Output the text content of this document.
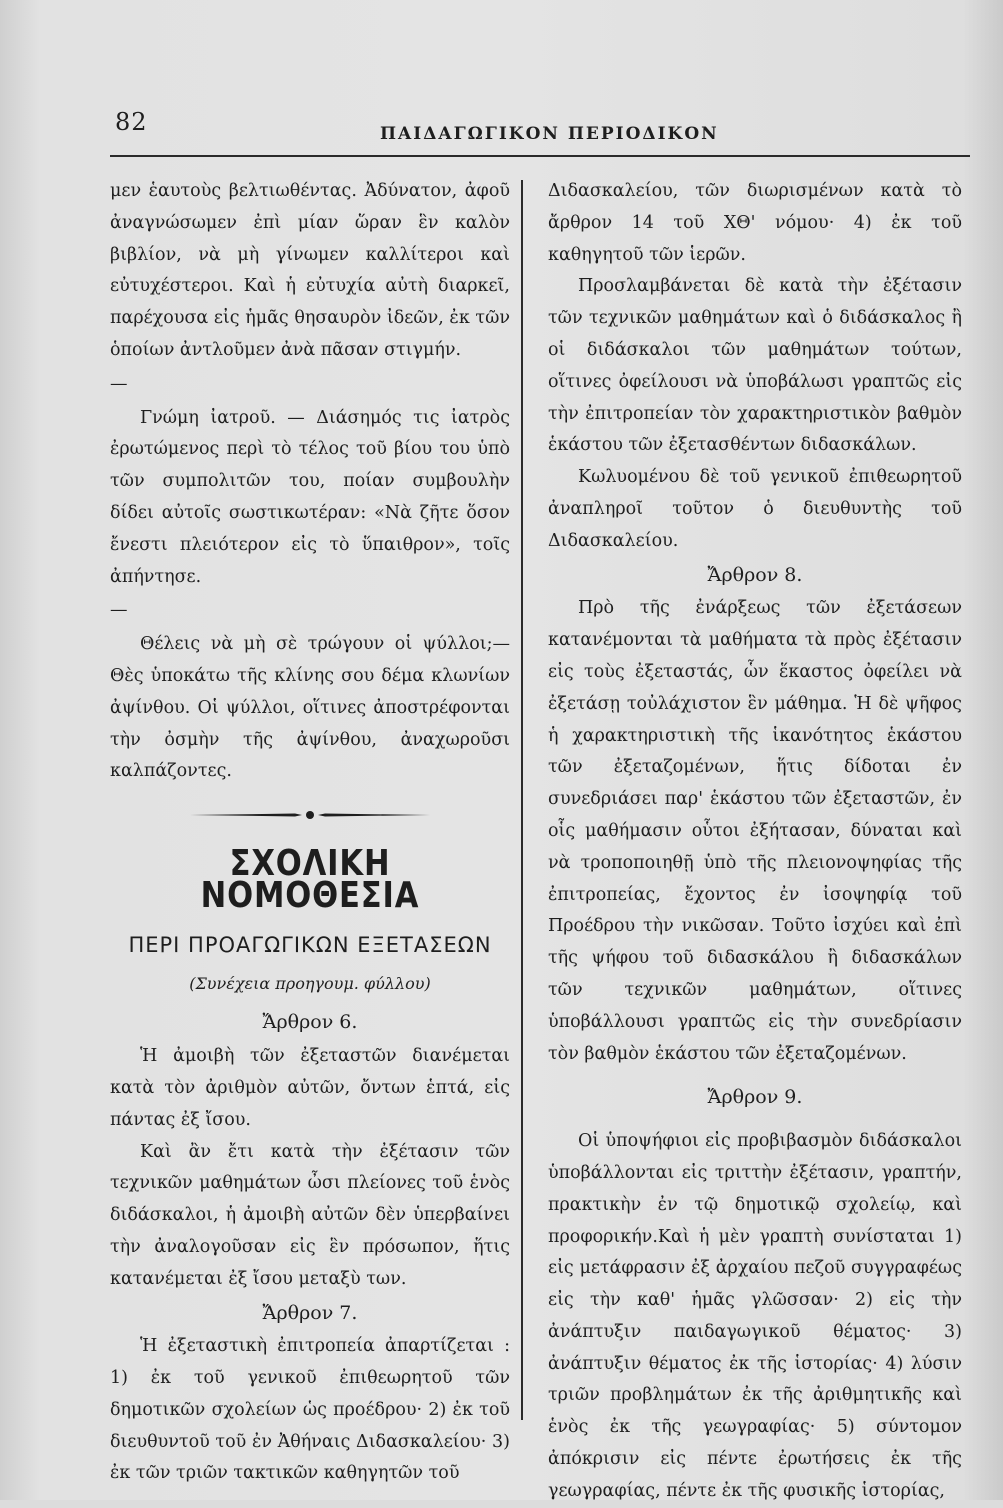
82	ΠΑΙΔΑΓΩΓΙΚΟΝ ΠΕΡΙΟΔΙΚΟΝ

μεν ἑαυτοὺς βελτιωθέντας. Ἀδύνατον, ἀφοῦ ἀναγνώσωμεν ἐπὶ μίαν ὥραν ἓν καλὸν βιβλίον, νὰ μὴ γίνωμεν καλλίτεροι καὶ εὐτυχέστεροι. Καὶ ἡ εὐτυχία αὐτὴ διαρκεῖ, παρέχουσα εἰς ἡμᾶς θησαυρὸν ἰδεῶν, ἐκ τῶν ὁποίων ἀντλοῦμεν ἀνὰ πᾶσαν στιγμήν.

—

Γνώμη ἰατροῦ. — Διάσημός τις ἰατρὸς ἐρωτώμενος περὶ τὸ τέλος τοῦ βίου του ὑπὸ τῶν συμπολιτῶν του, ποίαν συμβουλὴν δίδει αὐτοῖς σωστικωτέραν: «Νὰ ζῆτε ὅσον ἔνεστι πλειότερον εἰς τὸ ὕπαιθρον», τοῖς ἀπήντησε.

—

Θέλεις νὰ μὴ σὲ τρώγουν οἱ ψύλλοι;— Θὲς ὑποκάτω τῆς κλίνης σου δέμα κλωνίων ἀψίνθου. Οἱ ψύλλοι, οἵτινες ἀποστρέφονται τὴν ὀσμὴν τῆς ἀψίνθου, ἀναχωροῦσι καλπάζοντες.

ΣΧΟΛΙΚΗ ΝΟΜΟΘΕΣΙΑ
ΠΕΡΙ ΠΡΟΑΓΩΓΙΚΩΝ ΕΞΕΤΑΣΕΩΝ

(Συνέχεια προηγουμ. φύλλου)

Ἄρθρον 6.

Ἡ ἀμοιβὴ τῶν ἐξεταστῶν διανέμεται κατὰ τὸν ἀριθμὸν αὐτῶν, ὄντων ἑπτά, εἰς πάντας ἐξ ἴσου.

Καὶ ἂν ἔτι κατὰ τὴν ἐξέτασιν τῶν τεχνικῶν μαθημάτων ὦσι πλείονες τοῦ ἑνὸς διδάσκαλοι, ἡ ἀμοιβὴ αὐτῶν δὲν ὑπερβαίνει τὴν ἀναλογοῦσαν εἰς ἓν πρόσωπον, ἥτις κατανέμεται ἐξ ἴσου μεταξὺ των.

Ἄρθρον 7.

Ἡ ἐξεταστικὴ ἐπιτροπεία ἀπαρτίζεται : 1) ἐκ τοῦ γενικοῦ ἐπιθεωρητοῦ τῶν δημοτικῶν σχολείων ὡς προέδρου· 2) ἐκ τοῦ διευθυντοῦ τοῦ ἐν Ἀθήναις Διδασκαλείου· 3) ἐκ τῶν τριῶν τακτικῶν καθηγητῶν τοῦ

Διδασκαλείου, τῶν διωρισμένων κατὰ τὸ ἄρθρον 14 τοῦ ΧΘ' νόμου· 4) ἐκ τοῦ καθηγητοῦ τῶν ἱερῶν.

Προσλαμβάνεται δὲ κατὰ τὴν ἐξέτασιν τῶν τεχνικῶν μαθημάτων καὶ ὁ διδάσκαλος ἢ οἱ διδάσκαλοι τῶν μαθημάτων τούτων, οἵτινες ὀφείλουσι νὰ ὑποβάλωσι γραπτῶς εἰς τὴν ἐπιτροπείαν τὸν χαρακτηριστικὸν βαθμὸν ἑκάστου τῶν ἐξετασθέντων διδασκάλων.

Κωλυομένου δὲ τοῦ γενικοῦ ἐπιθεωρητοῦ ἀναπληροῖ τοῦτον ὁ διευθυντὴς τοῦ Διδασκαλείου.

Ἄρθρον 8.

Πρὸ τῆς ἐνάρξεως τῶν ἐξετάσεων κατανέμονται τὰ μαθήματα τὰ πρὸς ἐξέτασιν εἰς τοὺς ἐξεταστάς, ὧν ἕκαστος ὀφείλει νὰ ἐξετάσῃ τοὐλάχιστον ἓν μάθημα. Ἡ δὲ ψῆφος ἡ χαρακτηριστικὴ τῆς ἱκανότητος ἑκάστου τῶν ἐξεταζομένων, ἥτις δίδοται ἐν συνεδριάσει παρ' ἑκάστου τῶν ἐξεταστῶν, ἐν οἷς μαθήμασιν οὗτοι ἐξήτασαν, δύναται καὶ νὰ τροποποιηθῇ ὑπὸ τῆς πλειονοψηφίας τῆς ἐπιτροπείας, ἔχοντος ἐν ἰσοψηφίᾳ τοῦ Προέδρου τὴν νικῶσαν. Τοῦτο ἰσχύει καὶ ἐπὶ τῆς ψήφου τοῦ διδασκάλου ἢ διδασκάλων τῶν τεχνικῶν μαθημάτων, οἵτινες ὑποβάλλουσι γραπτῶς εἰς τὴν συνεδρίασιν τὸν βαθμὸν ἑκάστου τῶν ἐξεταζομένων.

Ἄρθρον 9.

Οἱ ὑποψήφιοι εἰς προβιβασμὸν διδάσκαλοι ὑποβάλλονται εἰς τριττὴν ἐξέτασιν, γραπτήν, πρακτικὴν ἐν τῷ δημοτικῷ σχολείῳ, καὶ προφορικήν.Καὶ ἡ μὲν γραπτὴ συνίσταται 1) εἰς μετάφρασιν ἐξ ἀρχαίου πεζοῦ συγγραφέως εἰς τὴν καθ' ἡμᾶς γλῶσσαν· 2) εἰς τὴν ἀνάπτυξιν παιδαγωγικοῦ θέματος· 3) ἀνάπτυξιν θέματος ἐκ τῆς ἱστορίας· 4) λύσιν τριῶν προβλημάτων ἐκ τῆς ἀριθμητικῆς καὶ ἑνὸς ἐκ τῆς γεωγραφίας· 5) σύντομον ἀπόκρισιν εἰς πέντε ἐρωτήσεις ἐκ τῆς γεωγραφίας, πέντε ἐκ τῆς φυσικῆς ἱστορίας,
